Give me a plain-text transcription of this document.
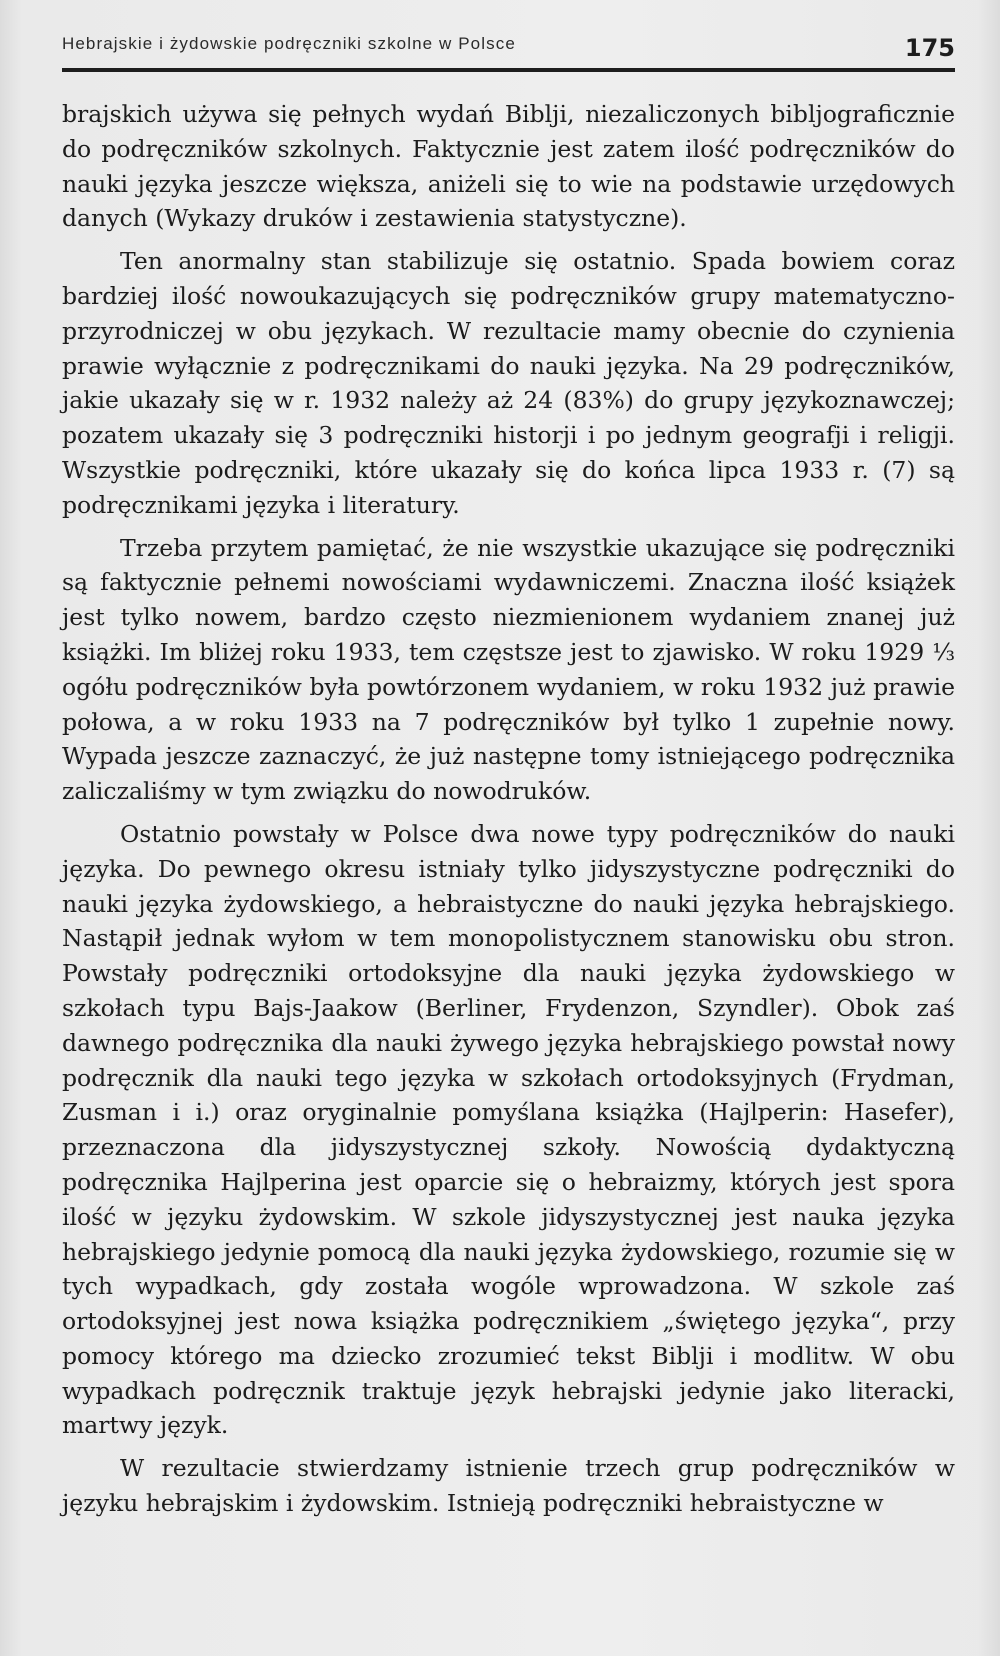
Hebrajskie i żydowskie podręczniki szkolne w Polsce	175

brajskich używa się pełnych wydań Biblji, niezaliczonych bibljograficznie do podręczników szkolnych. Faktycznie jest zatem ilość podręczników do nauki języka jeszcze większa, aniżeli się to wie na podstawie urzędowych danych (Wykazy druków i zestawienia statystyczne).

Ten anormalny stan stabilizuje się ostatnio. Spada bowiem coraz bardziej ilość nowoukazujących się podręczników grupy matematyczno-przyrodniczej w obu językach. W rezultacie mamy obecnie do czynienia prawie wyłącznie z podręcznikami do nauki języka. Na 29 podręczników, jakie ukazały się w r. 1932 należy aż 24 (83%) do grupy językoznawczej; pozatem ukazały się 3 podręczniki historji i po jednym geografji i religji. Wszystkie podręczniki, które ukazały się do końca lipca 1933 r. (7) są podręcznikami języka i literatury.

Trzeba przytem pamiętać, że nie wszystkie ukazujące się podręczniki są faktycznie pełnemi nowościami wydawniczemi. Znaczna ilość książek jest tylko nowem, bardzo często niezmienionem wydaniem znanej już książki. Im bliżej roku 1933, tem częstsze jest to zjawisko. W roku 1929 ⅓ ogółu podręczników była powtórzonem wydaniem, w roku 1932 już prawie połowa, a w roku 1933 na 7 podręczników był tylko 1 zupełnie nowy. Wypada jeszcze zaznaczyć, że już następne tomy istniejącego podręcznika zaliczaliśmy w tym związku do nowodruków.

Ostatnio powstały w Polsce dwa nowe typy podręczników do nauki języka. Do pewnego okresu istniały tylko jidyszystyczne podręczniki do nauki języka żydowskiego, a hebraistyczne do nauki języka hebrajskiego. Nastąpił jednak wyłom w tem monopolistycznem stanowisku obu stron. Powstały podręczniki ortodoksyjne dla nauki języka żydowskiego w szkołach typu Bajs-Jaakow (Berliner, Frydenzon, Szyndler). Obok zaś dawnego podręcznika dla nauki żywego języka hebrajskiego powstał nowy podręcznik dla nauki tego języka w szkołach ortodoksyjnych (Frydman, Zusman i i.) oraz oryginalnie pomyślana książka (Hajlperin: Hasefer), przeznaczona dla jidyszystycznej szkoły. Nowością dydaktyczną podręcznika Hajlperina jest oparcie się o hebraizmy, których jest spora ilość w języku żydowskim. W szkole jidyszystycznej jest nauka języka hebrajskiego jedynie pomocą dla nauki języka żydowskiego, rozumie się w tych wypadkach, gdy została wogóle wprowadzona. W szkole zaś ortodoksyjnej jest nowa książka podręcznikiem „świętego języka“, przy pomocy którego ma dziecko zrozumieć tekst Biblji i modlitw. W obu wypadkach podręcznik traktuje język hebrajski jedynie jako literacki, martwy język.

W rezultacie stwierdzamy istnienie trzech grup podręczników w języku hebrajskim i żydowskim. Istnieją podręczniki hebraistyczne w
